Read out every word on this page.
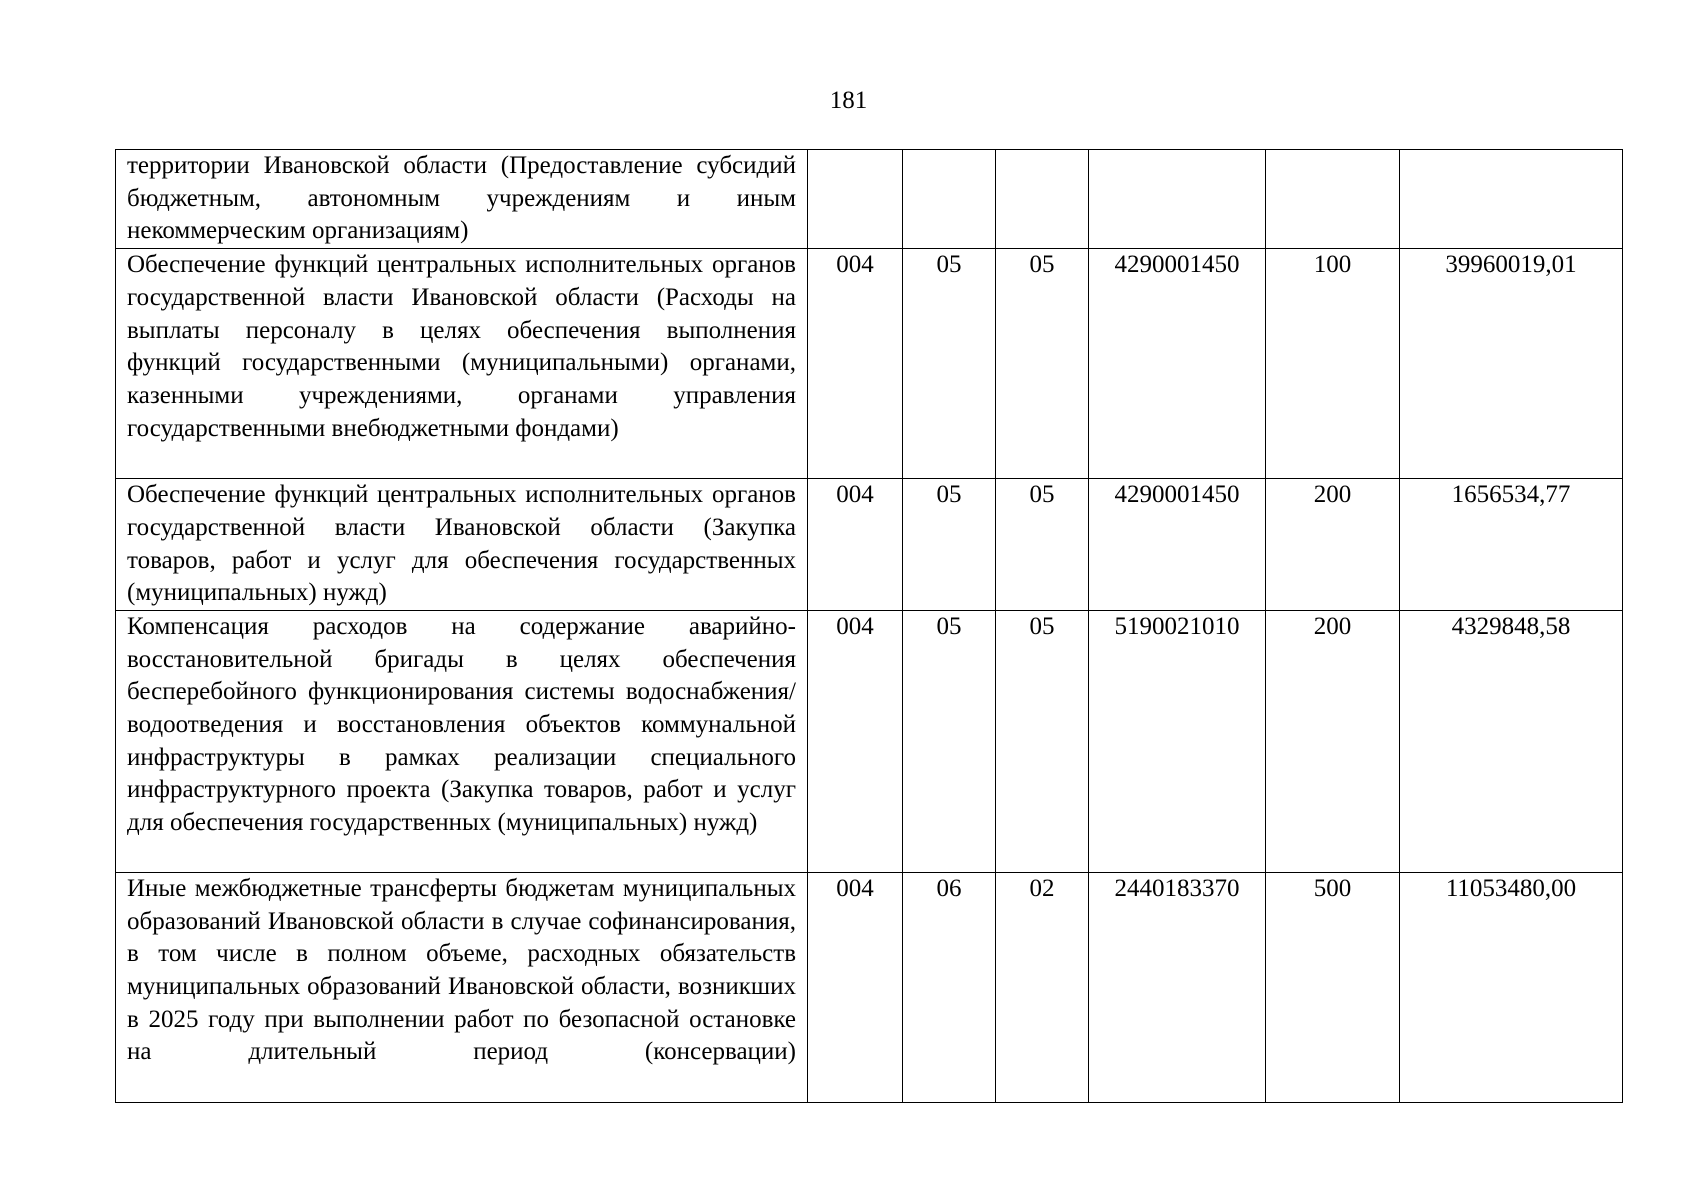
181
территории Ивановской области (Предоставление субсидий бюджетным, автономным учреждениям и иным некоммерческим организациям)						
Обеспечение функций центральных исполнительных органов государственной власти Ивановской области (Расходы на выплаты персоналу в целях обеспечения выполнения функций государственными (муниципальными) органами, казенными учреждениями, органами управления государственными внебюджетными фондами)	004	05	05	4290001450	100	39960019,01
Обеспечение функций центральных исполнительных органов государственной власти Ивановской области (Закупка товаров, работ и услуг для обеспечения государственных (муниципальных) нужд)	004	05	05	4290001450	200	1656534,77
Компенсация расходов на содержание аварийно-восстановительной бригады в целях обеспечения бесперебойного функционирования системы водоснабжения/водоотведения и восстановления объектов коммунальной инфраструктуры в рамках реализации специального инфраструктурного проекта (Закупка товаров, работ и услуг для обеспечения государственных (муниципальных) нужд)	004	05	05	5190021010	200	4329848,58
Иные межбюджетные трансферты бюджетам муниципальных образований Ивановской области в случае софинансирования, в том числе в полном объеме, расходных обязательств муниципальных образований Ивановской области, возникших в 2025 году при выполнении работ по безопасной остановке на длительный период (консервации)	004	06	02	2440183370	500	11053480,00
